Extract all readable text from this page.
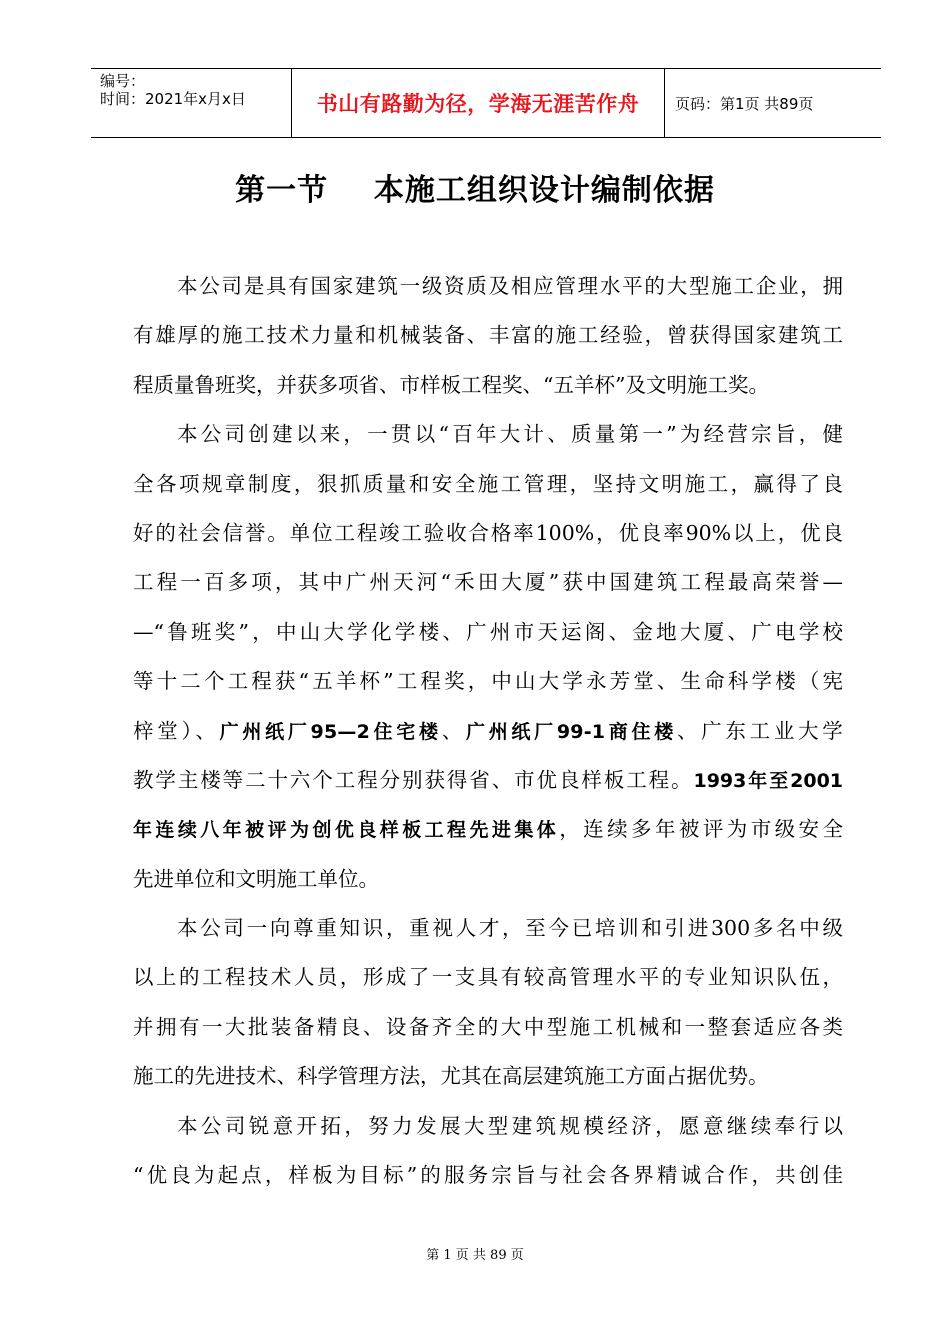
编号：
时间：2021年x月x日	书山有路勤为径，学海无涯苦作舟	页码：第1页 共89页
第一节    本施工组织设计编制依据
本公司是具有国家建筑一级资质及相应管理水平的大型施工企业，拥
有雄厚的施工技术力量和机械装备、丰富的施工经验，曾获得国家建筑工
程质量鲁班奖，并获多项省、市样板工程奖、“五羊杯”及文明施工奖。
本公司创建以来，一贯以“百年大计、质量第一”为经营宗旨，健
全各项规章制度，狠抓质量和安全施工管理，坚持文明施工，赢得了良
好的社会信誉。单位工程竣工验收合格率100%，优良率90%以上，优良
工程一百多项，其中广州天河“禾田大厦”获中国建筑工程最高荣誉—
—“鲁班奖”，中山大学化学楼、广州市天运阁、金地大厦、广电学校
等十二个工程获“五羊杯”工程奖，中山大学永芳堂、生命科学楼（宪
梓堂）、广州纸厂95—2住宅楼、广州纸厂99-1商住楼、广东工业大学
教学主楼等二十六个工程分别获得省、市优良样板工程。1993年至2001
年连续八年被评为创优良样板工程先进集体，连续多年被评为市级安全
先进单位和文明施工单位。
本公司一向尊重知识，重视人才，至今已培训和引进300多名中级
以上的工程技术人员，形成了一支具有较高管理水平的专业知识队伍，
并拥有一大批装备精良、设备齐全的大中型施工机械和一整套适应各类
施工的先进技术、科学管理方法，尤其在高层建筑施工方面占据优势。
本公司锐意开拓，努力发展大型建筑规模经济，愿意继续奉行以
“优良为起点，样板为目标”的服务宗旨与社会各界精诚合作，共创佳
第 1 页 共 89 页
